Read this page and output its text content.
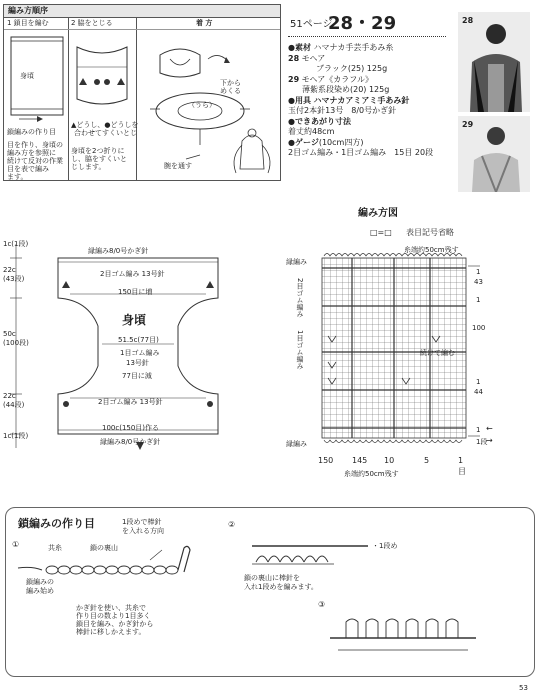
編み方順序
1 鎖目を編む
身頃
鎖編みの作り目
目を作り、身頃の
編み方を参照に
続けて反対の作業
目を表で編み
ます。
2 脇をとじる
▲どうし、●どうしを
合わせてすくいとじ
身頃を2つ折りに
し、脇をすくいと
じします。
着 方
下から
めくる
（うら）
腕を通す
51ページ
28・29
●素材 ハマナカ手芸手あみ糸
28 モヘア
ブラック(25) 125g
29 モヘア《カラフル》
薄紫系段染め(20) 125g
●用具 ハマナカアミアミ手あみ針
玉付2本針13号　8/0号かぎ針
●できあがり寸法
着丈約48cm
●ゲージ(10cm四方)
2目ゴム編み・1目ゴム編み　15目 20段
28
29
1c(1段)
22c
(43段)
50c
(100段)
22c
(44段)
1c(1段)
縁編み8/0号かぎ針
2目ゴム編み 13号針
150目に増
身頃
51.5c(77目)
1目ゴム編み
13号針
77目に減
2目ゴム編み 13号針
100c(150目)作る
縁編み8/0号かぎ針
編み方図
□=□ 表目記号省略
糸端約50cm残す
縁編み
2目ゴム編み
1目ゴム編み	続けて編む
1
43
1
100
1
44
1
1段
縁編み
150 145 10	5	1
目
糸端約50cm残す
←
→
鎖編みの作り目
①
1段めで棒針
を入れる方向
共糸	鎖の裏山
鎖編みの
編み始め
かぎ針を使い、共糸で
作り目の数より1目多く
鎖目を編み、かぎ針から
棒針に移しかえます。
②
・1段め
鎖の裏山に棒針を
入れ1段めを編みます。
③
53
